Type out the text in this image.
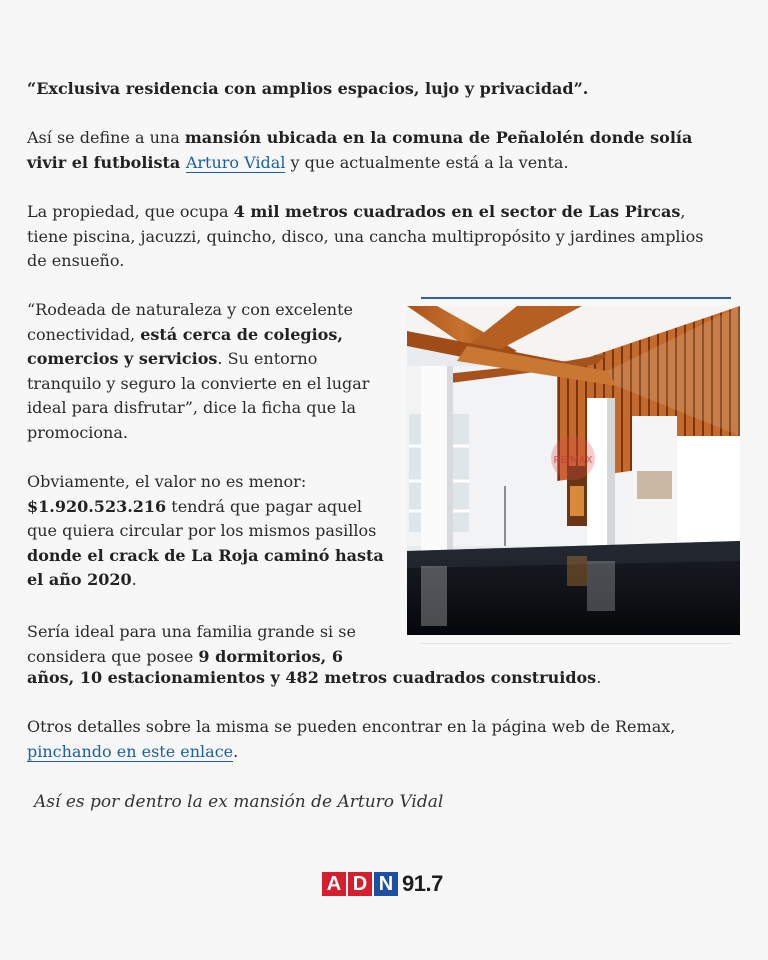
“Exclusiva residencia con amplios espacios, lujo y privacidad”.

Así se define a una mansión ubicada en la comuna de Peñalolén donde solía vivir el futbolista Arturo Vidal y que actualmente está a la venta.

La propiedad, que ocupa 4 mil metros cuadrados en el sector de Las Pircas, tiene piscina, jacuzzi, quincho, disco, una cancha multipropósito y jardines amplios de ensueño.

“Rodeada de naturaleza y con excelente conectividad, está cerca de colegios, comercios y servicios. Su entorno tranquilo y seguro la convierte en el lugar ideal para disfrutar”, dice la ficha que la promociona.

Obviamente, el valor no es menor: $1.920.523.216 tendrá que pagar aquel que quiera circular por los mismos pasillos donde el crack de La Roja caminó hasta el año 2020.

Sería ideal para una familia grande si se considera que posee 9 dormitorios, 6

años, 10 estacionamientos y 482 metros cuadrados construidos.

Otros detalles sobre la misma se pueden encontrar en la página web de Remax, pinchando en este enlace.

RE/MAX
Así es por dentro la ex mansión de Arturo Vidal
A D N 91.7
